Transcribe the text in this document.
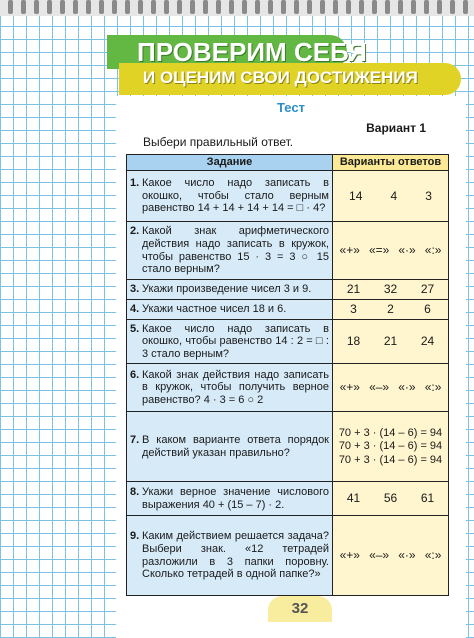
ПРОВЕРИМ СЕБЯ
И ОЦЕНИМ СВОИ ДОСТИЖЕНИЯ
Тест
Вариант 1
Выбери правильный ответ.
Задание	Варианты ответов

1. Какое число надо записать в окошко, чтобы стало верным равенство 14 + 14 + 14 + 14 = □ · 4?	14 4 3

2. Какой знак арифметического действия надо записать в кружок, чтобы равенство 15 · 3 = 3 ○ 15 стало верным?	«+» «=» «·» «:»

3. Укажи произведение чисел 3 и 9.	21 32 27

4. Укажи частное чисел 18 и 6.	3 2 6

5. Какое число надо записать в окошко, чтобы равенство 14 : 2 = □ : 3 стало верным?	18 21 24

6. Какой знак действия надо записать в кружок, чтобы получить верное равенство? 4 · 3 = 6 ○ 2	«+» «–» «·» «:»

7. В каком варианте ответа порядок действий указан правильно?	70 + 3 · (14 – 6) = 94
70 + 3 · (14 – 6) = 94
70 + 3 · (14 – 6) = 94

8. Укажи верное значение числового выражения 40 + (15 – 7) · 2.	41 56 61

9. Каким действием решается задача? Выбери знак. «12 тетрадей разложили в 3 папки поровну. Сколько тетрадей в одной папке?»	«+» «–» «·» «:»
32
